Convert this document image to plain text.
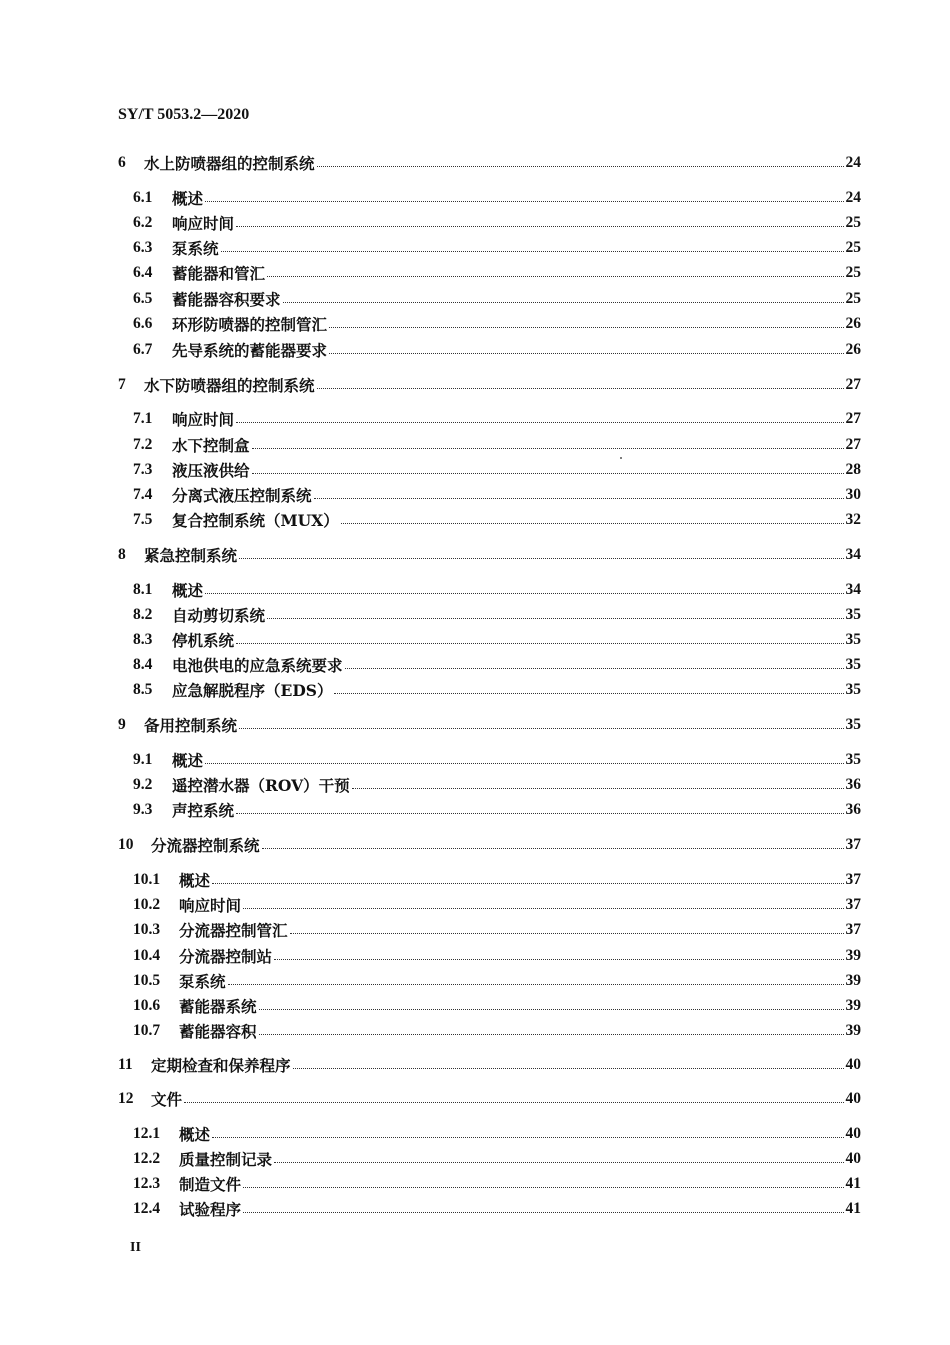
SY/T 5053.2—2020
6	水上防喷器组的控制系统	24
6.1	概述	24
6.2	响应时间	25
6.3	泵系统	25
6.4	蓄能器和管汇	25
6.5	蓄能器容积要求	25
6.6	环形防喷器的控制管汇	26
6.7	先导系统的蓄能器要求	26
7	水下防喷器组的控制系统	27
7.1	响应时间	27
7.2	水下控制盒	27
7.3	液压液供给	28
7.4	分离式液压控制系统	30
7.5	复合控制系统（MUX）	32
8	紧急控制系统	34
8.1	概述	34
8.2	自动剪切系统	35
8.3	停机系统	35
8.4	电池供电的应急系统要求	35
8.5	应急解脱程序（EDS）	35
9	备用控制系统	35
9.1	概述	35
9.2	遥控潜水器（ROV）干预	36
9.3	声控系统	36
10	分流器控制系统	37
10.1	概述	37
10.2	响应时间	37
10.3	分流器控制管汇	37
10.4	分流器控制站	39
10.5	泵系统	39
10.6	蓄能器系统	39
10.7	蓄能器容积	39
11	定期检查和保养程序	40
12	文件	40
12.1	概述	40
12.2	质量控制记录	40
12.3	制造文件	41
12.4	试验程序	41
II
